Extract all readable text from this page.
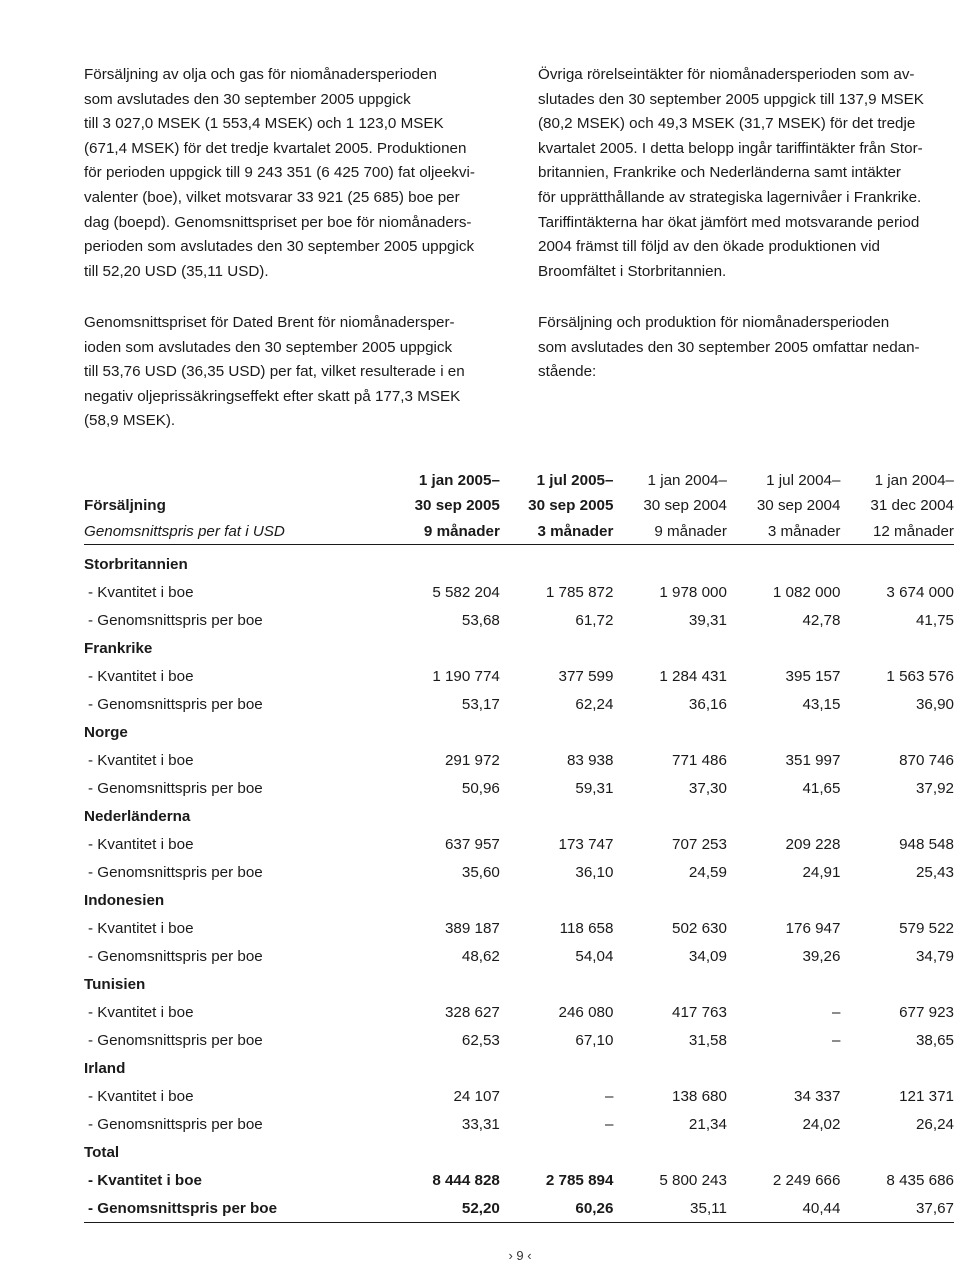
Försäljning av olja och gas för niomånadersperioden
som avslutades den 30 september 2005 uppgick
till 3 027,0 MSEK (1 553,4 MSEK) och 1 123,0 MSEK
(671,4 MSEK) för det tredje kvartalet 2005. Produktionen
för perioden uppgick till 9 243 351 (6 425 700) fat oljeekvi-
valenter (boe), vilket motsvarar 33 921 (25 685) boe per
dag (boepd). Genomsnittspriset per boe för niomånaders-
perioden som avslutades den 30 september 2005 uppgick
till 52,20 USD (35,11 USD).
Genomsnittspriset för Dated Brent för niomånadersper-
ioden som avslutades den 30 september 2005 uppgick
till 53,76 USD (36,35 USD) per fat, vilket resulterade i en
negativ oljeprissäkringseffekt efter skatt på 177,3 MSEK
(58,9 MSEK).
Övriga rörelseintäkter för niomånadersperioden som av-
slutades den 30 september 2005 uppgick till 137,9 MSEK
(80,2 MSEK) och 49,3 MSEK (31,7 MSEK) för det tredje
kvartalet 2005. I detta belopp ingår tariffintäkter från Stor-
britannien, Frankrike och Nederländerna samt intäkter
för upprätthållande av strategiska lagernivåer i Frankrike.
Tariffintäkterna har ökat jämfört med motsvarande period
2004 främst till följd av den ökade produktionen vid
Broomfältet i Storbritannien.
Försäljning och produktion för niomånadersperioden
som avslutades den 30 september 2005 omfattar nedan-
stående:
	1 jan 2005–	1 jul 2005–	1 jan 2004–	1 jul 2004–	1 jan 2004–
Försäljning	30 sep 2005	30 sep 2005	30 sep 2004	30 sep 2004	31 dec 2004
Genomsnittspris per fat i USD	9 månader	3 månader	9 månader	3 månader	12 månader

Storbritannien					
- Kvantitet i boe	5 582 204	1 785 872	1 978 000	1 082 000	3 674 000
- Genomsnittspris per boe	53,68	61,72	39,31	42,78	41,75
Frankrike					
- Kvantitet i boe	1 190 774	377 599	1 284 431	395 157	1 563 576
- Genomsnittspris per boe	53,17	62,24	36,16	43,15	36,90
Norge					
- Kvantitet i boe	291 972	83 938	771 486	351 997	870 746
- Genomsnittspris per boe	50,96	59,31	37,30	41,65	37,92
Nederländerna					
- Kvantitet i boe	637 957	173 747	707 253	209 228	948 548
- Genomsnittspris per boe	35,60	36,10	24,59	24,91	25,43
Indonesien					
- Kvantitet i boe	389 187	118 658	502 630	176 947	579 522
- Genomsnittspris per boe	48,62	54,04	34,09	39,26	34,79
Tunisien					
- Kvantitet i boe	328 627	246 080	417 763	–	677 923
- Genomsnittspris per boe	62,53	67,10	31,58	–	38,65
Irland					
- Kvantitet i boe	24 107	–	138 680	34 337	121 371
- Genomsnittspris per boe	33,31	–	21,34	24,02	26,24
Total					
- Kvantitet i boe	8 444 828	2 785 894	5 800 243	2 249 666	8 435 686
- Genomsnittspris per boe	52,20	60,26	35,11	40,44	37,67
› 9 ‹
